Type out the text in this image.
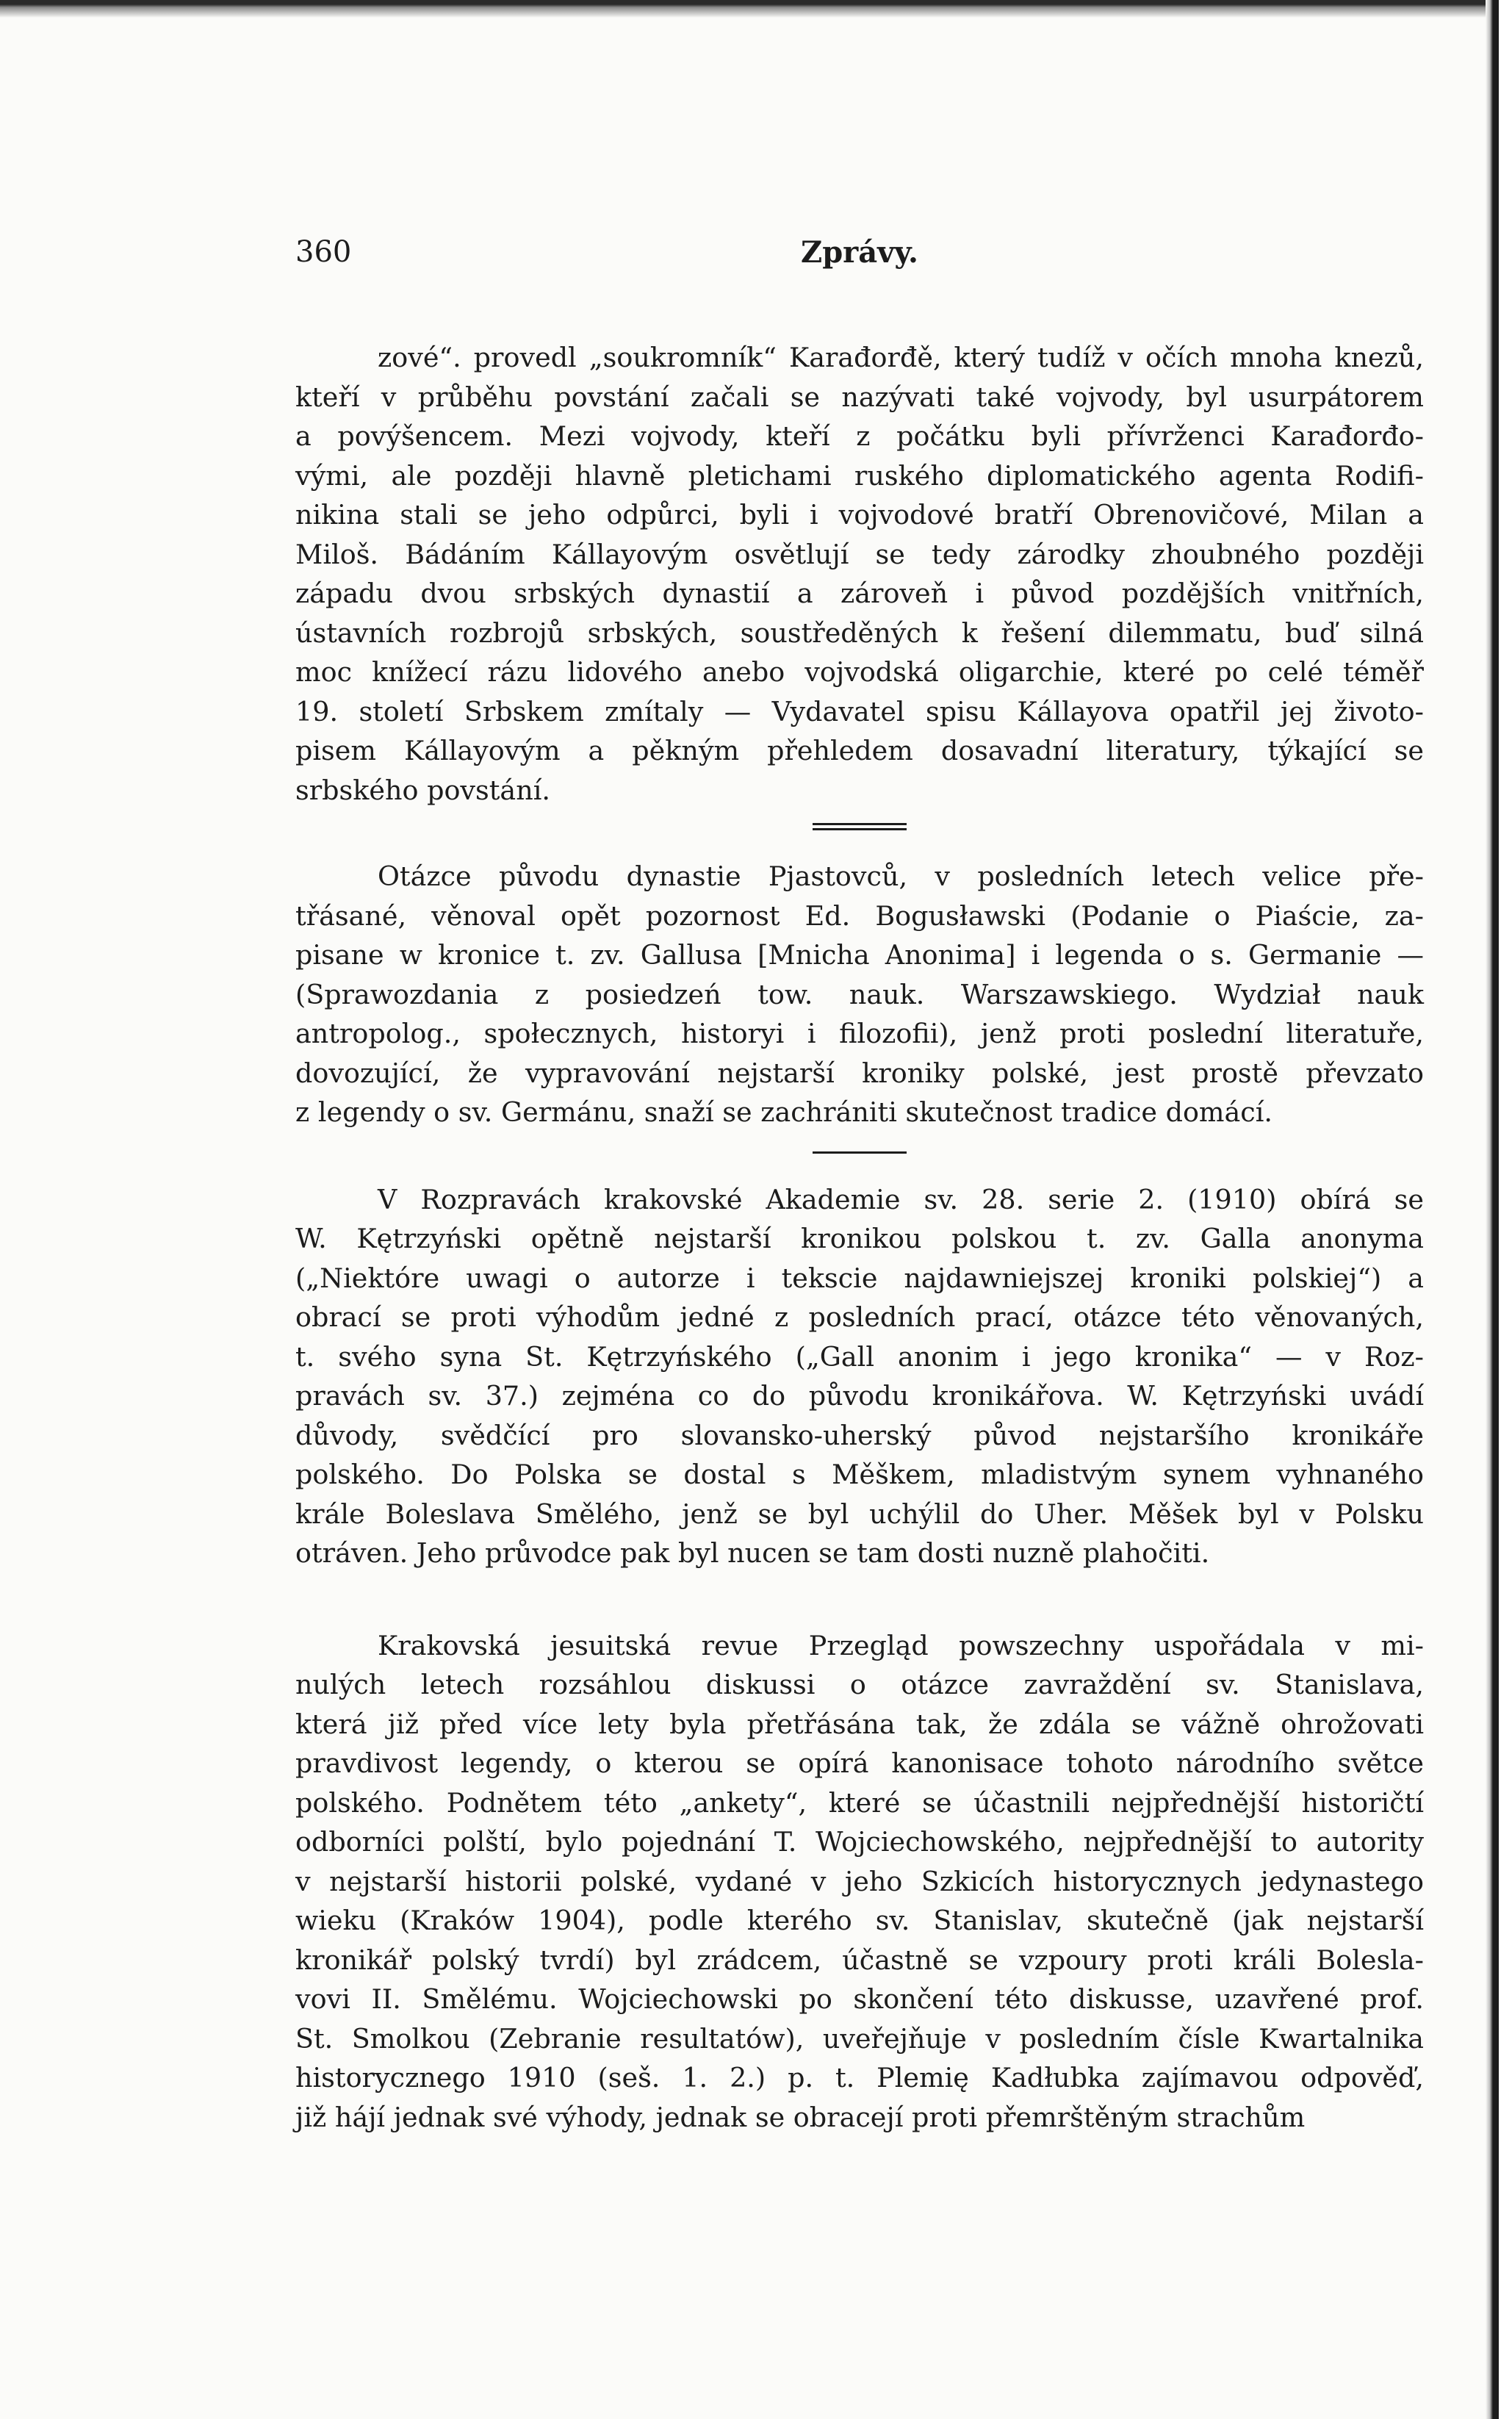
360	Zprávy.
zové“. provedl „soukromník“ Karađorđě, který tudíž v očích mnoha knezů,
kteří v průběhu povstání začali se nazývati také vojvody, byl usurpátorem
a povýšencem. Mezi vojvody, kteří z počátku byli přívrženci Karađorđo-
vými, ale později hlavně pletichami ruského diplomatického agenta Rodifi-
nikina stali se jeho odpůrci, byli i vojvodové bratří Obrenovičové, Milan a
Miloš. Bádáním Kállayovým osvětlují se tedy zárodky zhoubného později
západu dvou srbských dynastií a zároveň i původ pozdějších vnitřních,
ústavních rozbrojů srbských, soustředěných k řešení dilemmatu, buď silná
moc knížecí rázu lidového anebo vojvodská oligarchie, které po celé téměř
19. století Srbskem zmítaly — Vydavatel spisu Kállayova opatřil jej životo-
pisem Kállayovým a pěkným přehledem dosavadní literatury, týkající se
srbského povstání.
Otázce původu dynastie Pjastovců, v posledních letech velice pře-
třásané, věnoval opět pozornost Ed. Bogusławski (Podanie o Piaście, za-
pisane w kronice t. zv. Gallusa [Mnicha Anonima] i legenda o s. Germanie —
(Sprawozdania z posiedzeń tow. nauk. Warszawskiego. Wydział nauk
antropolog., społecznych, historyi i filozofii), jenž proti poslední literatuře,
dovozující, že vypravování nejstarší kroniky polské, jest prostě převzato
z legendy o sv. Germánu, snaží se zachrániti skutečnost tradice domácí.
V Rozpravách krakovské Akademie sv. 28. serie 2. (1910) obírá se
W. Kętrzyński opětně nejstarší kronikou polskou t. zv. Galla anonyma
(„Niektóre uwagi o autorze i tekscie najdawniejszej kroniki polskiej“) a
obrací se proti výhodům jedné z posledních prací, otázce této věnovaných,
t. svého syna St. Kętrzyńského („Gall anonim i jego kronika“ — v Roz-
pravách sv. 37.) zejména co do původu kronikářova. W. Kętrzyński uvádí
důvody, svědčící pro slovansko-uherský původ nejstaršího kronikáře
polského. Do Polska se dostal s Měškem, mladistvým synem vyhnaného
krále Boleslava Smělého, jenž se byl uchýlil do Uher. Měšek byl v Polsku
otráven. Jeho průvodce pak byl nucen se tam dosti nuzně plahočiti.
Krakovská jesuitská revue Przegląd powszechny uspořádala v mi-
nulých letech rozsáhlou diskussi o otázce zavraždění sv. Stanislava,
která již před více lety byla přetřásána tak, že zdála se vážně ohrožovati
pravdivost legendy, o kterou se opírá kanonisace tohoto národního světce
polského. Podnětem této „ankety“, které se účastnili nejpřednější historičtí
odborníci polští, bylo pojednání T. Wojciechowského, nejpřednější to autority
v nejstarší historii polské, vydané v jeho Szkicích historycznych jedynastego
wieku (Kraków 1904), podle kterého sv. Stanislav, skutečně (jak nejstarší
kronikář polský tvrdí) byl zrádcem, účastně se vzpoury proti králi Bolesla-
vovi II. Smělému. Wojciechowski po skončení této diskusse, uzavřené prof.
St. Smolkou (Zebranie resultatów), uveřejňuje v posledním čísle Kwartalnika
historycznego 1910 (seš. 1. 2.) p. t. Plemię Kadłubka zajímavou odpověď,
již hájí jednak své výhody, jednak se obracejí proti přemrštěným strachům
